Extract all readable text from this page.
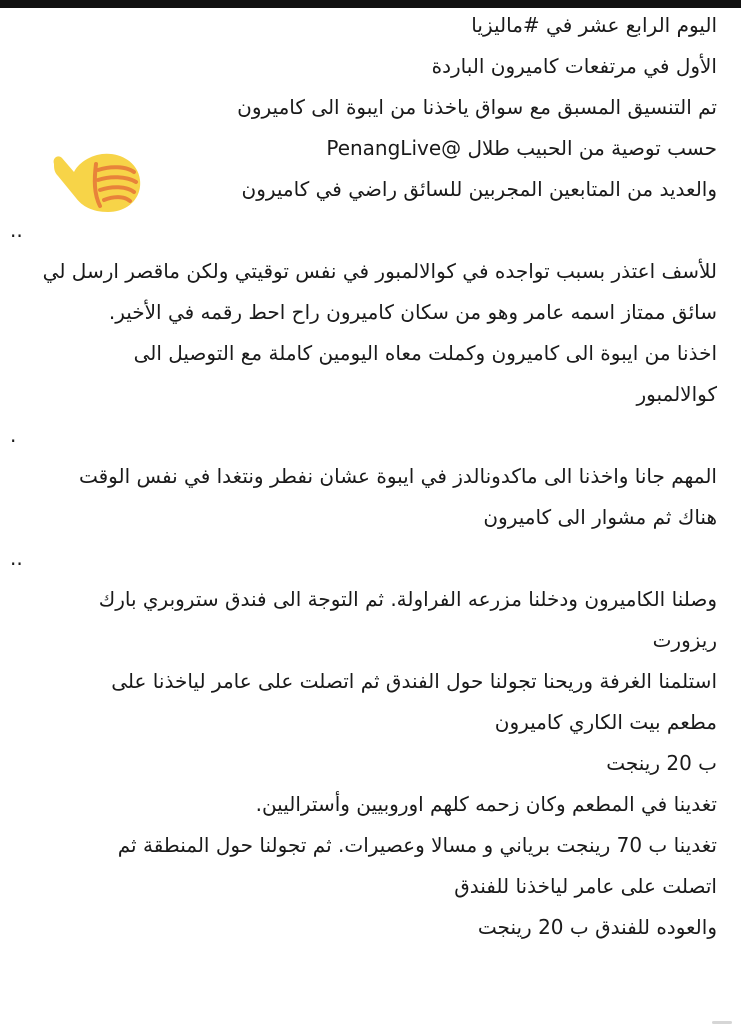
اليوم الرابع عشر في #ماليزيا
الأول في مرتفعات كاميرون الباردة
تم التنسيق المسبق مع سواق ياخذنا من ايبوة الى كاميرون
حسب توصية من الحبيب طلال @PenangLive
والعديد من المتابعين المجربين للسائق راضي في كاميرون
..
للأسف اعتذر بسبب تواجده في كوالالمبور في نفس توقيتي ولكن ماقصر ارسل لي
سائق ممتاز اسمه عامر وهو من سكان كاميرون راح احط رقمه في الأخير.
اخذنا من ايبوة الى كاميرون وكملت معاه اليومين كاملة مع التوصيل الى
كوالالمبور
.
المهم جانا واخذنا الى ماكدونالدز في ايبوة عشان نفطر ونتغدا في نفس الوقت
هناك ثم مشوار الى كاميرون
..
وصلنا الكاميرون ودخلنا مزرعه الفراولة. ثم التوجة الى فندق ستروبري بارك
ريزورت
استلمنا الغرفة وريحنا تجولنا حول الفندق ثم اتصلت على عامر لياخذنا على
مطعم بيت الكاري كاميرون
ب 20 رينجت
تغدينا في المطعم وكان زحمه كلهم اوروبيين وأستراليين.
تغدينا ب 70 رينجت برياني و مسالا وعصيرات. ثم تجولنا حول المنطقة ثم
اتصلت على عامر لياخذنا للفندق
والعوده للفندق ب 20 رينجت
